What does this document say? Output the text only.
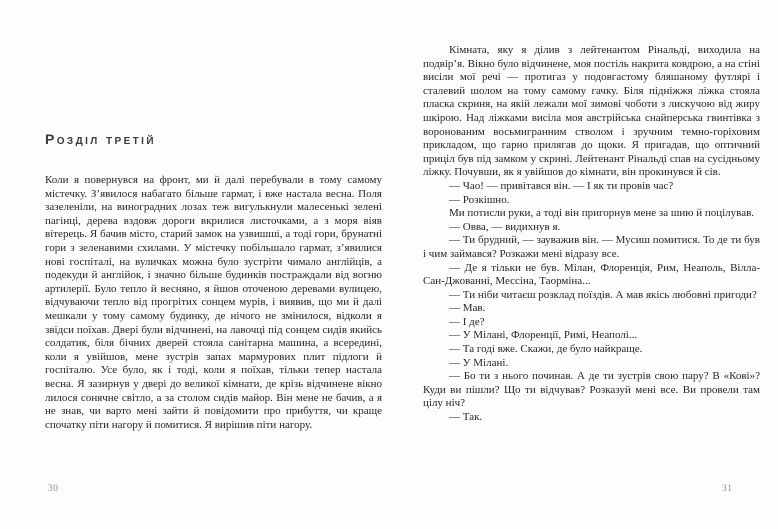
Розділ третій

Коли я повернувся на фронт, ми й далі перебували в тому самому містечку. З’явилося набагато більше гармат, і вже настала весна. Поля зазеленіли, на виноградних лозах теж вигулькнули малесенькі зелені пагінці, дерева вздовж дороги вкрилися листочками, а з моря віяв вітерець. Я бачив місто, старий замок на узвишші, а тоді гори, брунатні гори з зеленавими схилами. У містечку побільшало гармат, з’явилися нові госпіталі, на вуличках можна було зустріти чимало англійців, а подекуди й англійок, і значно більше будинків постраждали від вогню артилерії. Було тепло й весняно, я йшов оточеною деревами вулицею, відчуваючи тепло від прогрітих сонцем мурів, і виявив, що ми й далі мешкали у тому самому будинку, де нічого не змінилося, відколи я звідси поїхав. Двері були відчинені, на лавочці під сонцем сидів якийсь солдатик, біля бічних дверей стояла санітарна машина, а всередині, коли я увійшов, мене зустрів запах мармурових плит підлоги й госпіталю. Усе було, як і тоді, коли я поїхав, тільки тепер настала весна. Я зазирнув у двері до великої кімнати, де крізь відчинене вікно лилося сонячне світло, а за столом сидів майор. Він мене не бачив, а я не знав, чи варто мені зайти й повідомити про прибуття, чи краще спочатку піти нагору й помитися. Я вирішив піти нагору.

30

Кімната, яку я ділив з лейтенантом Рінальді, виходила на подвір’я. Вікно було відчинене, моя постіль накрита ковдрою, а на стіні висіли мої речі — протигаз у подовгастому бляшаному футлярі і сталевий шолом на тому самому гачку. Біля підніжжя ліжка стояла пласка скриня, на якій лежали мої зимові чоботи з лискучою від жиру шкірою. Над ліжками висіла моя австрійська снайперська гвинтівка з воронованим восьмигранним стволом і зручним темно-горіховим прикладом, що гарно прилягав до щоки. Я пригадав, що оптичний приціл був під замком у скрині. Лейтенант Рінальді спав на сусідньому ліжку. Почувши, як я увійшов до кімнати, він прокинувся й сів.

— Чао! — привітався він. — І як ти провів час?

— Розкішно.

Ми потисли руки, а тоді він пригорнув мене за шию й поцілував.

— Овва, — видихнув я.

— Ти брудний, — зауважив він. — Мусиш помитися. То де ти був і чим займався? Розкажи мені відразу все.

— Де я тільки не був. Мілан, Флоренція, Рим, Неаполь, Вілла-Сан-Джованні, Мессіна, Таорміна...

— Ти ніби читаєш розклад поїздів. А мав якісь любовні пригоди?

— Мав.

— І де?

— У Мілані, Флоренції, Римі, Неаполі...

— Та годі вже. Скажи, де було найкраще.

— У Мілані.

— Бо ти з нього починав. А де ти зустрів свою пару? В «Кові»? Куди ви пішли? Що ти відчував? Розказуй мені все. Ви провели там цілу ніч?

— Так.

31
